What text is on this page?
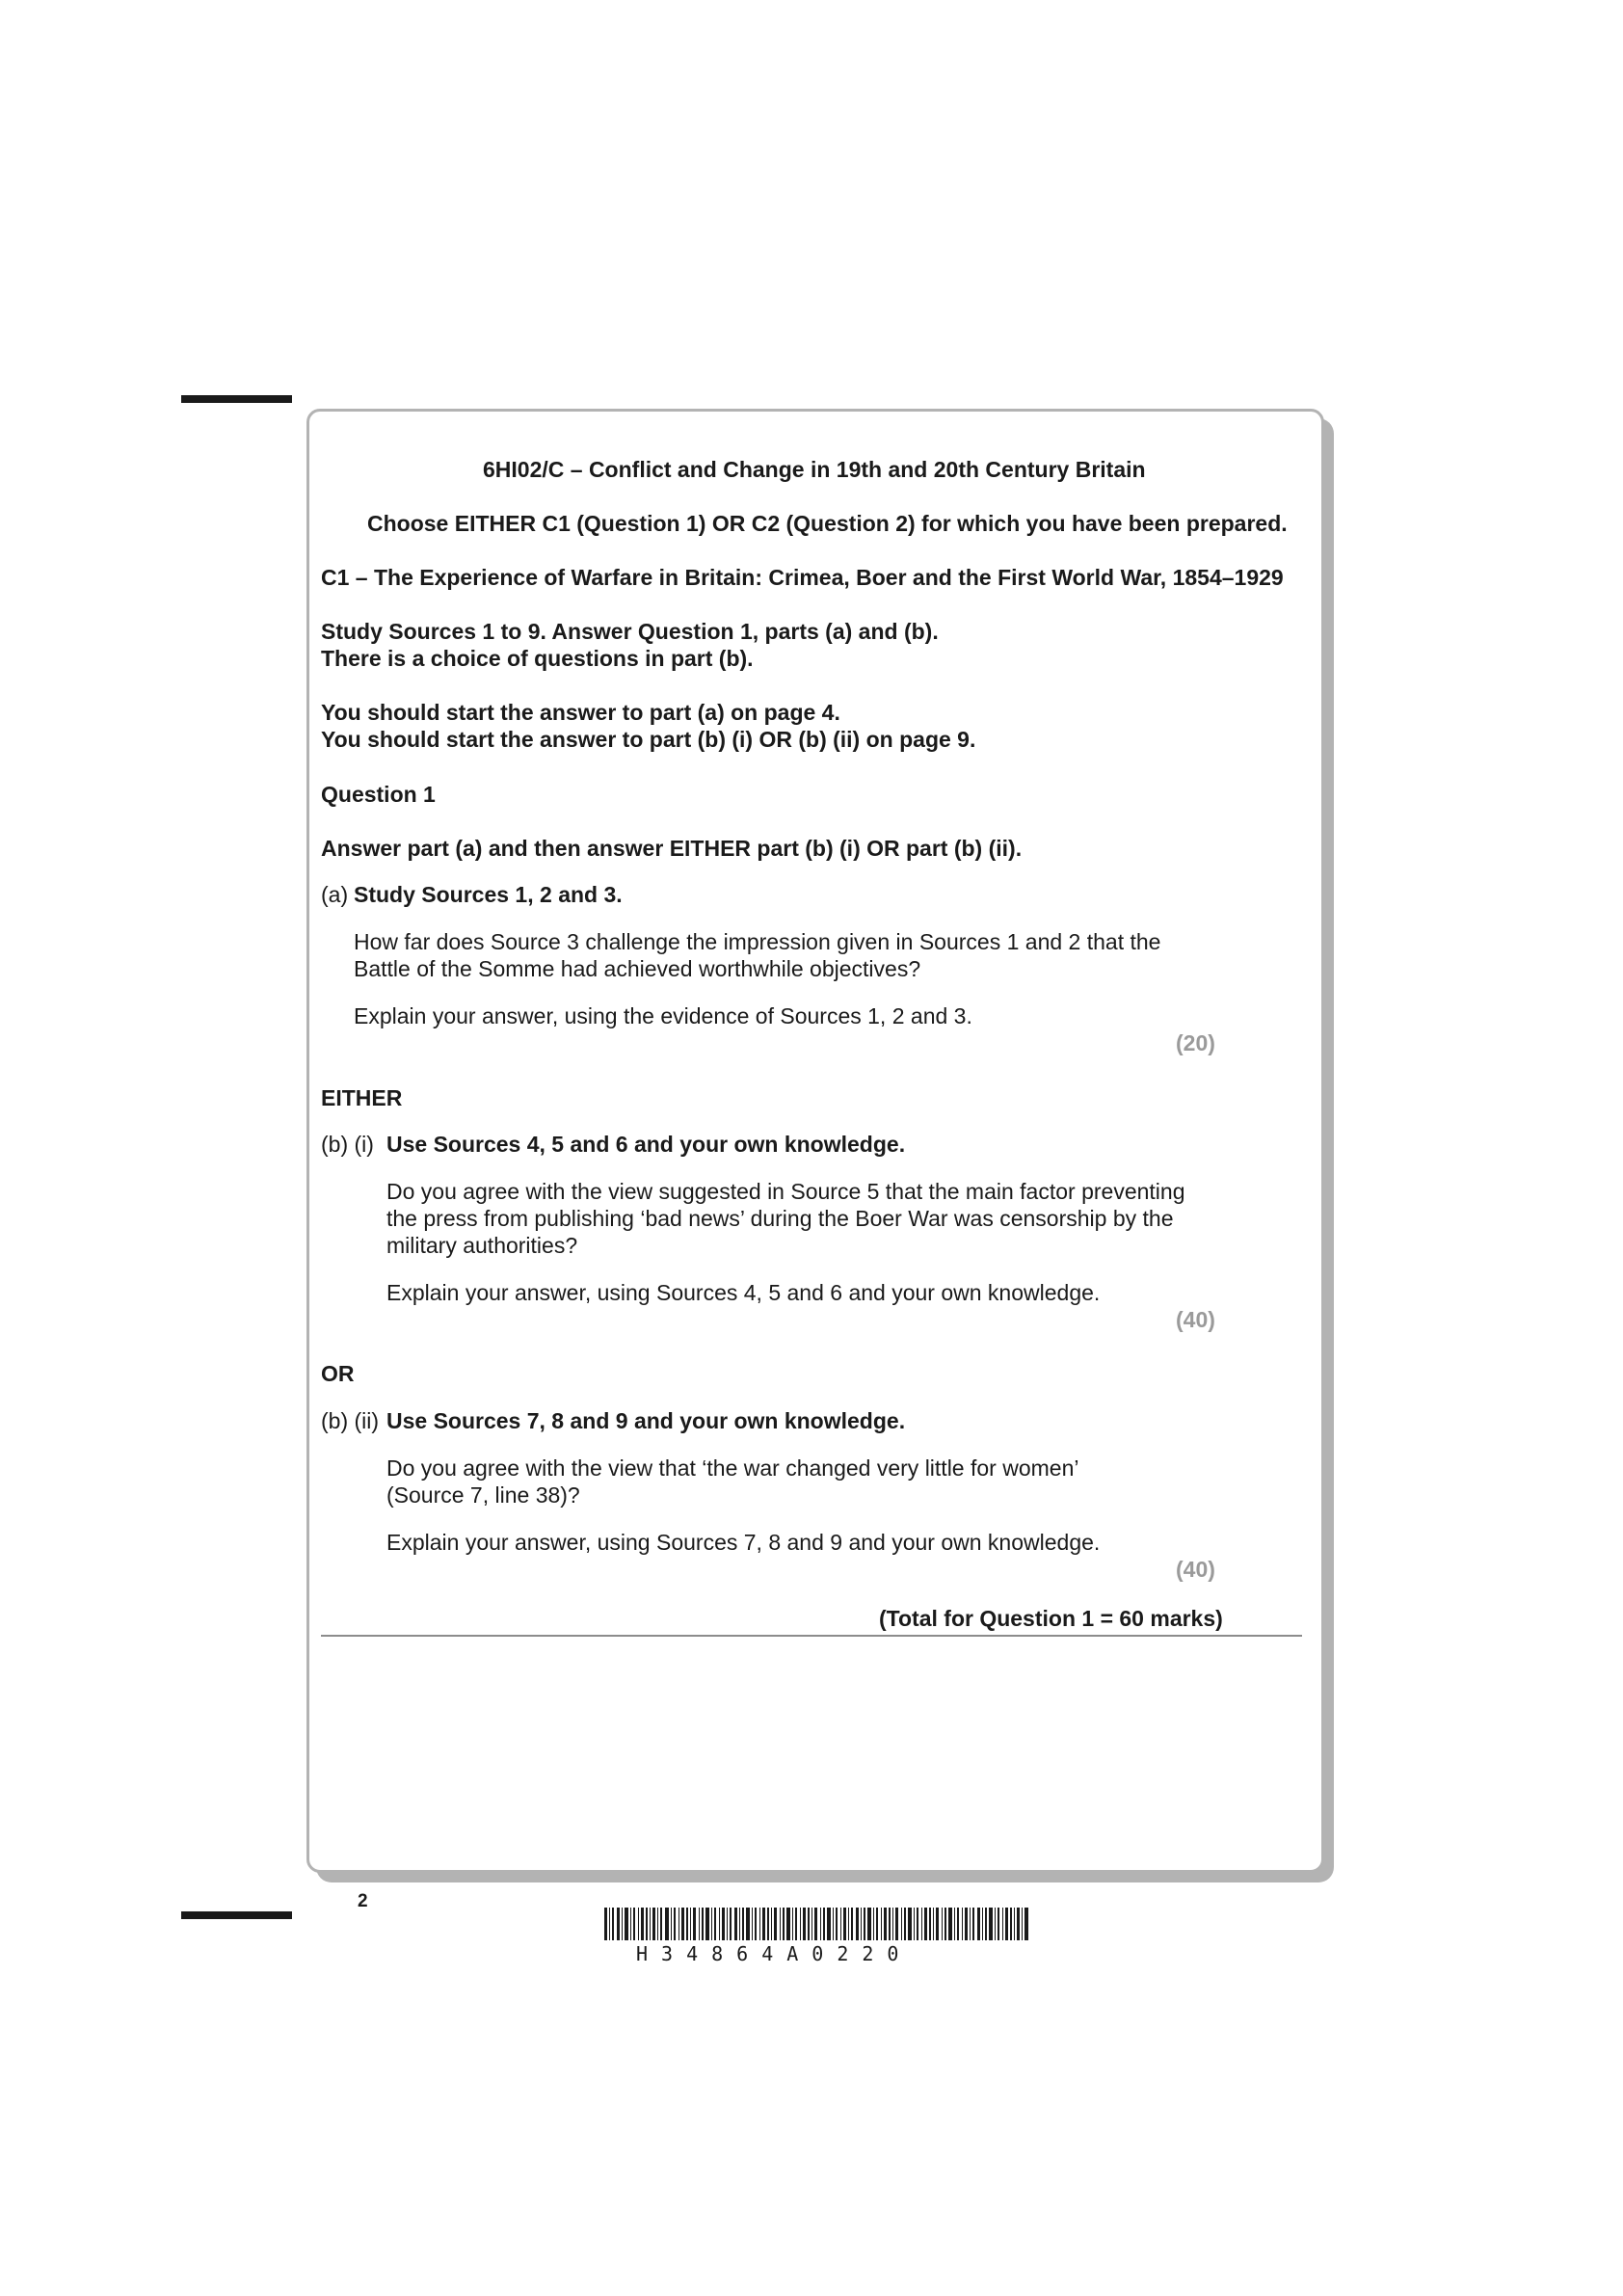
6HI02/C – Conflict and Change in 19th and 20th Century Britain
Choose EITHER C1 (Question 1) OR C2 (Question 2) for which you have been prepared.
C1 – The Experience of Warfare in Britain: Crimea, Boer and the First World War, 1854–1929
Study Sources 1 to 9. Answer Question 1, parts (a) and (b).
There is a choice of questions in part (b).
You should start the answer to part (a) on page 4.
You should start the answer to part (b) (i) OR (b) (ii) on page 9.
Question 1
Answer part (a) and then answer EITHER part (b) (i) OR part (b) (ii).
(a) Study Sources 1, 2 and 3.
How far does Source 3 challenge the impression given in Sources 1 and 2 that the
Battle of the Somme had achieved worthwhile objectives?
Explain your answer, using the evidence of Sources 1, 2 and 3.
(20)
EITHER
(b) (i) Use Sources 4, 5 and 6 and your own knowledge.
Do you agree with the view suggested in Source 5 that the main factor preventing
the press from publishing ‘bad news’ during the Boer War was censorship by the
military authorities?
Explain your answer, using Sources 4, 5 and 6 and your own knowledge.
(40)
OR
(b) (ii) Use Sources 7, 8 and 9 and your own knowledge.
Do you agree with the view that ‘the war changed very little for women’
(Source 7, line 38)?
Explain your answer, using Sources 7, 8 and 9 and your own knowledge.
(40)
(Total for Question 1 = 60 marks)
2
H34864A0220
